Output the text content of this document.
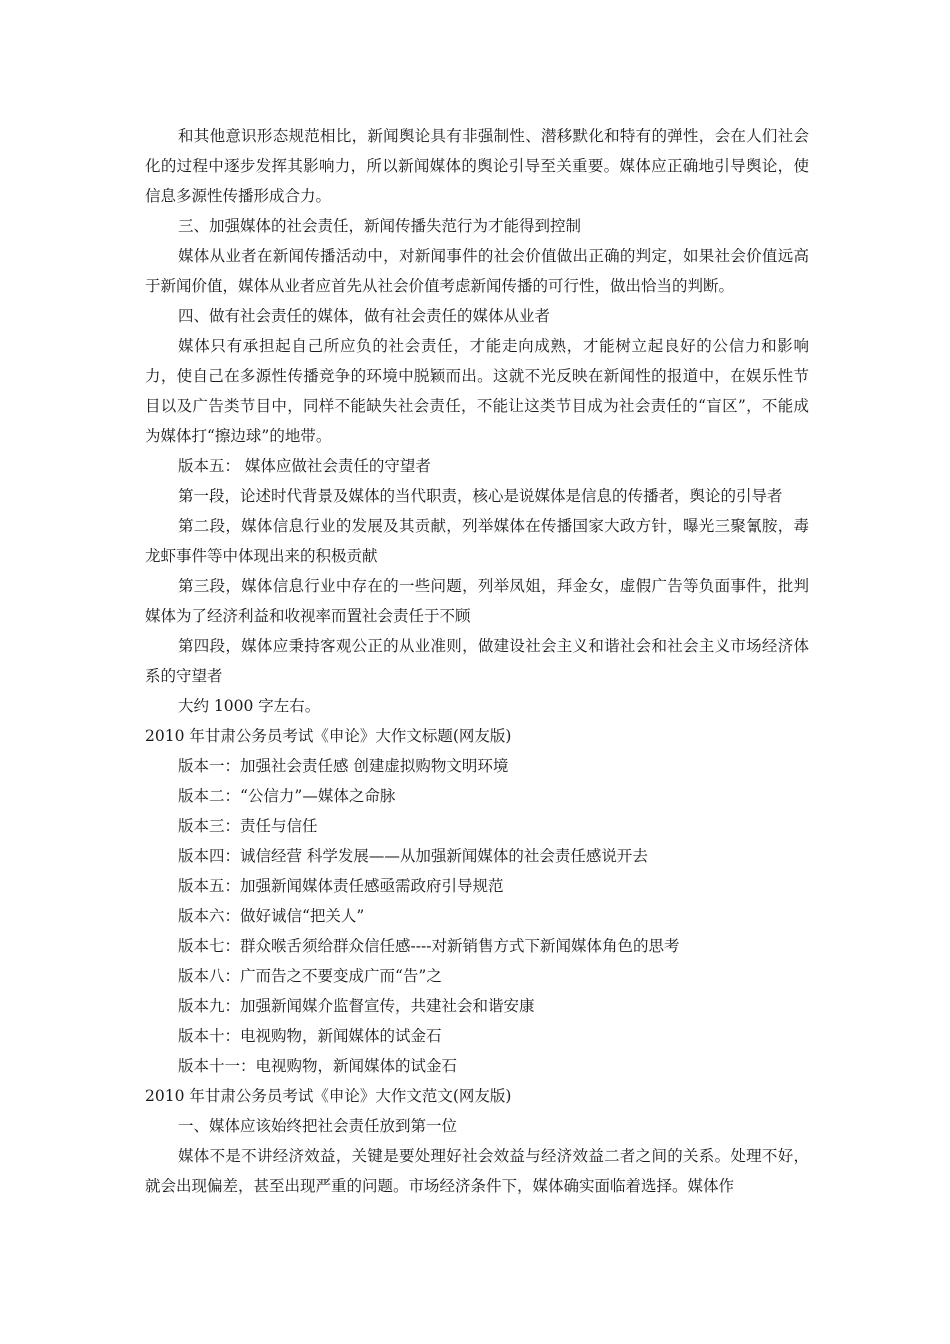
和其他意识形态规范相比，新闻舆论具有非强制性、潜移默化和特有的弹性，会在人们社会化的过程中逐步发挥其影响力，所以新闻媒体的舆论引导至关重要。媒体应正确地引导舆论，使信息多源性传播形成合力。

三、加强媒体的社会责任，新闻传播失范行为才能得到控制

媒体从业者在新闻传播活动中，对新闻事件的社会价值做出正确的判定，如果社会价值远高于新闻价值，媒体从业者应首先从社会价值考虑新闻传播的可行性，做出恰当的判断。

四、做有社会责任的媒体，做有社会责任的媒体从业者

媒体只有承担起自己所应负的社会责任，才能走向成熟，才能树立起良好的公信力和影响力，使自己在多源性传播竞争的环境中脱颖而出。这就不光反映在新闻性的报道中，在娱乐性节目以及广告类节目中，同样不能缺失社会责任，不能让这类节目成为社会责任的“盲区”，不能成为媒体打“擦边球”的地带。

版本五： 媒体应做社会责任的守望者

第一段，论述时代背景及媒体的当代职责，核心是说媒体是信息的传播者，舆论的引导者

第二段，媒体信息行业的发展及其贡献，列举媒体在传播国家大政方针，曝光三聚氰胺，毒龙虾事件等中体现出来的积极贡献

第三段，媒体信息行业中存在的一些问题，列举凤姐，拜金女，虚假广告等负面事件，批判媒体为了经济利益和收视率而置社会责任于不顾

第四段，媒体应秉持客观公正的从业准则，做建设社会主义和谐社会和社会主义市场经济体系的守望者

大约 1000 字左右。

2010 年甘肃公务员考试《申论》大作文标题(网友版)

版本一：加强社会责任感 创建虚拟购物文明环境

版本二：“公信力”—媒体之命脉

版本三：责任与信任

版本四：诚信经营 科学发展——从加强新闻媒体的社会责任感说开去

版本五：加强新闻媒体责任感亟需政府引导规范

版本六：做好诚信“把关人”

版本七：群众喉舌须给群众信任感----对新销售方式下新闻媒体角色的思考

版本八：广而告之不要变成广而“告”之

版本九：加强新闻媒介监督宣传，共建社会和谐安康

版本十：电视购物，新闻媒体的试金石

版本十一：电视购物，新闻媒体的试金石

2010 年甘肃公务员考试《申论》大作文范文(网友版)

一、媒体应该始终把社会责任放到第一位

媒体不是不讲经济效益，关键是要处理好社会效益与经济效益二者之间的关系。处理不好，就会出现偏差，甚至出现严重的问题。市场经济条件下，媒体确实面临着选择。媒体作
